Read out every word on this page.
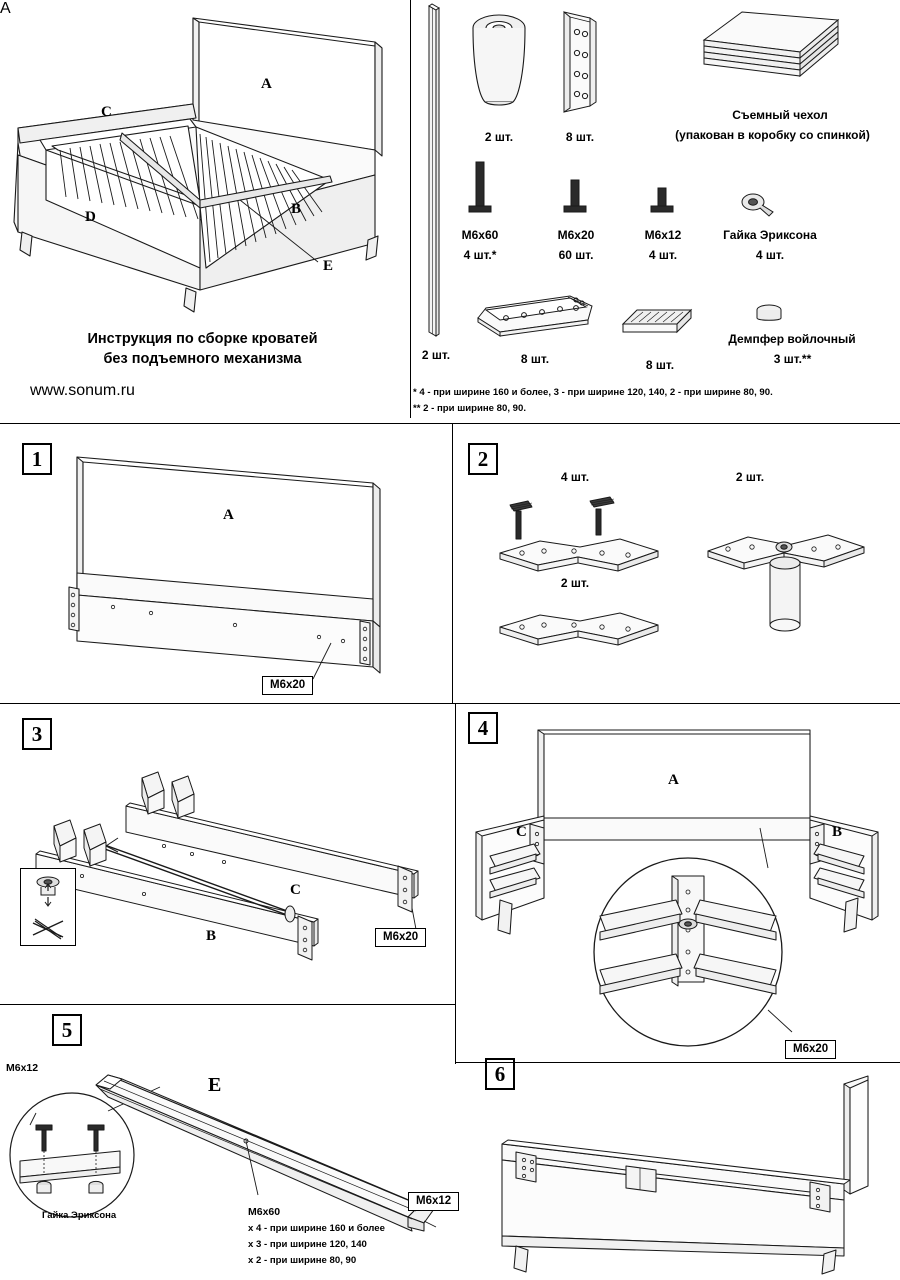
A
C
D	B
E
A
Инструкция по сборке кроватей
без подъемного механизма
www.sonum.ru
2 шт.
2 шт.	8 шт.
Съемный чехол
(упакован в коробку со спинкой)
M6x60
4 шт.*
M6x20
60 шт.
M6x12
4 шт.
Гайка Эриксона
4 шт.
8 шт.	8 шт.
Демпфер войлочный
3 шт.**
* 4 - при ширине 160 и более, 3 - при ширине 120, 140, 2 - при ширине 80, 90.
** 2 - при ширине 80, 90.
1
A
M6x20
2
4 шт.	2 шт.
2 шт.
3
C
B	M6x20
4
A
C	B
M6x20
5
M6x12
E
Гайка Эриксона
M6x12
M6x60
x 4 - при ширине 160 и более
x 3 - при ширине 120, 140
x 2 - при ширине 80, 90
6
